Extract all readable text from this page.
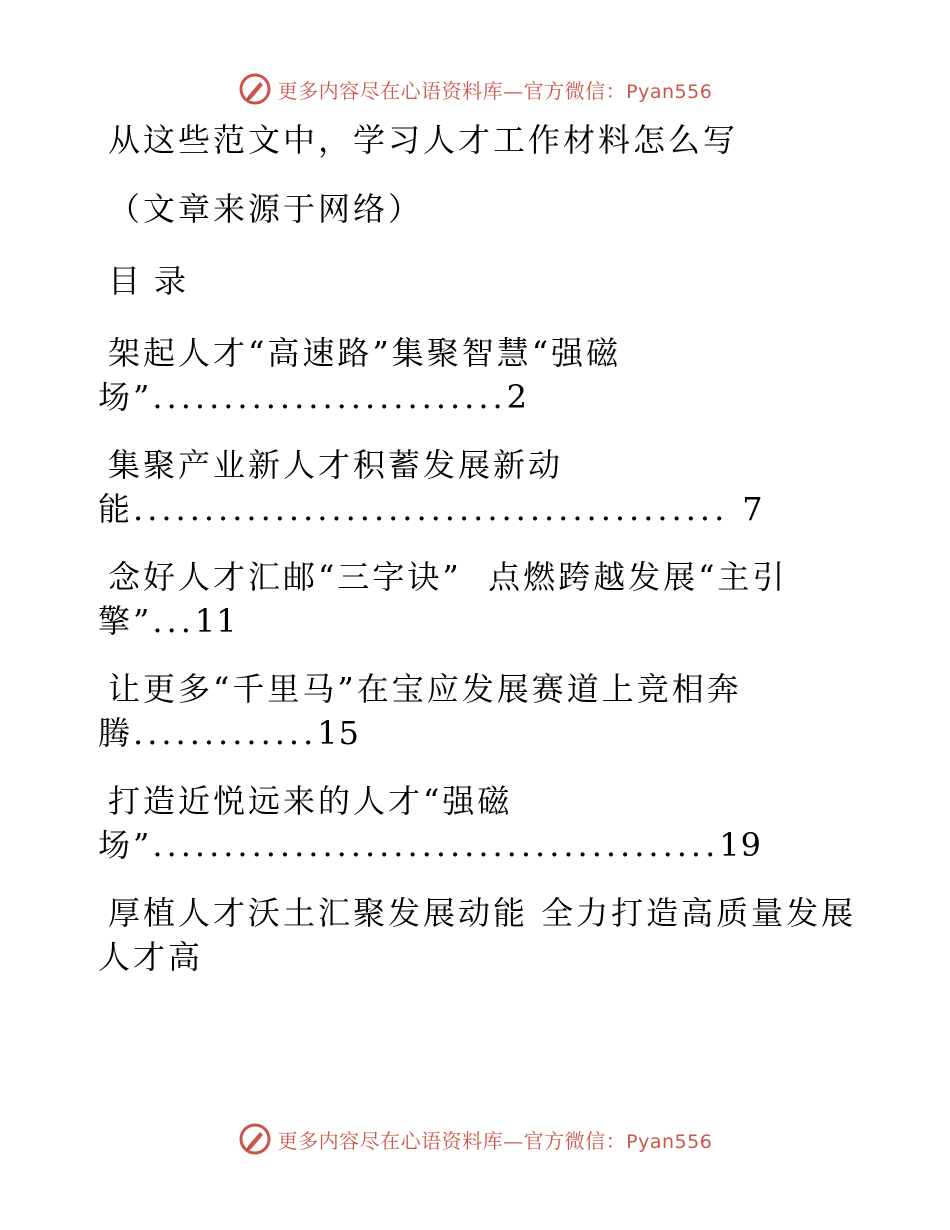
更多内容尽在心语资料库—官方微信：Pyan556
从这些范文中，学习人才工作材料怎么写
（文章来源于网络）
目录
架起人才“高速路”集聚智慧“强磁
场” ......................... 2
集聚产业新人才积蓄发展新动
能 .......................................... 7
念好人才汇邮“三字诀”  点燃跨越发展“主引
擎” ... 11
让更多“千里马”在宝应发展赛道上竞相奔
腾 ............. 15
打造近悦远来的人才“强磁
场” ........................................ 19
厚植人才沃土汇聚发展动能 全力打造高质量发展
人才高
更多内容尽在心语资料库—官方微信：Pyan556
